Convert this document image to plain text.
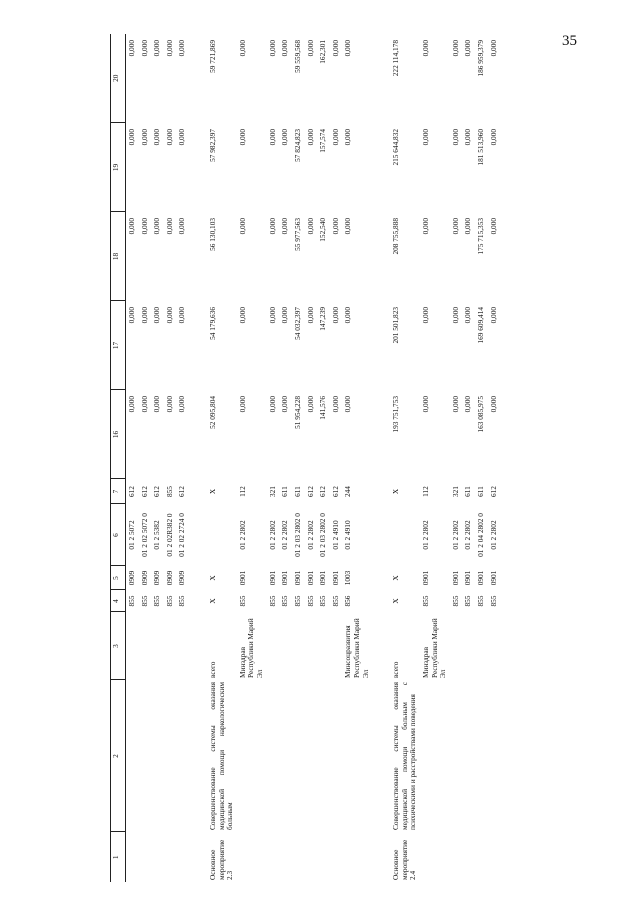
35
1	2	3	4	5	6	7	16	17	18	19	20
			855	0909	01 2 5072	612	0,000	0,000	0,000	0,000	0,000
			855	0909	01 2 02 5072 0	612	0,000	0,000	0,000	0,000	0,000
			855	0909	01 2 5382	612	0,000	0,000	0,000	0,000	0,000
			855	0909	01 2 02R382 0	855	0,000	0,000	0,000	0,000	0,000
			855	0909	01 2 02 2724 0	612	0,000	0,000	0,000	0,000	0,000
Основное мероприятие 2.3	Совершенствование системы оказания медицинской помощи наркологическим больным	всего	Х	Х		Х	52 095,804	54 179,636	56 130,103	57 982,397	59 721,869
		Минздрав Республики Марий Эл	855	0901	01 2 2802	112	0,000	0,000	0,000	0,000	0,000
			855	0901	01 2 2802	321	0,000	0,000	0,000	0,000	0,000
			855	0901	01 2 2802	611	0,000	0,000	0,000	0,000	0,000
			855	0901	01 2 03 2802 0	611	51 954,228	54 032,397	55 977,563	57 824,823	59 559,568
			855	0901	01 2 2802	612	0,000	0,000	0,000	0,000	0,000
			855	0901	01 2 03 2802 0	612	141,576	147,239	152,540	157,574	162,301
			855	0901	01 2 4910	612	0,000	0,000	0,000	0,000	0,000
		Минсоцразвития Республики Марий Эл	856	1003	01 2 4910	244	0,000	0,000	0,000	0,000	0,000
Основное мероприятие 2.4	Совершенствование системы оказания медицинской помощи больным с психическими и расстройствами поведения	всего	Х	Х		Х	193 751,753	201 501,823	208 755,888	215 644,832	222 114,178
		Минздрав Республики Марий Эл	855	0901	01 2 2802	112	0,000	0,000	0,000	0,000	0,000
			855	0901	01 2 2802	321	0,000	0,000	0,000	0,000	0,000
			855	0901	01 2 2802	611	0,000	0,000	0,000	0,000	0,000
			855	0901	01 2 04 2802 0	611	163 085,975	169 609,414	175 715,353	181 513,960	186 959,379
			855	0901	01 2 2802	612	0,000	0,000	0,000	0,000	0,000
